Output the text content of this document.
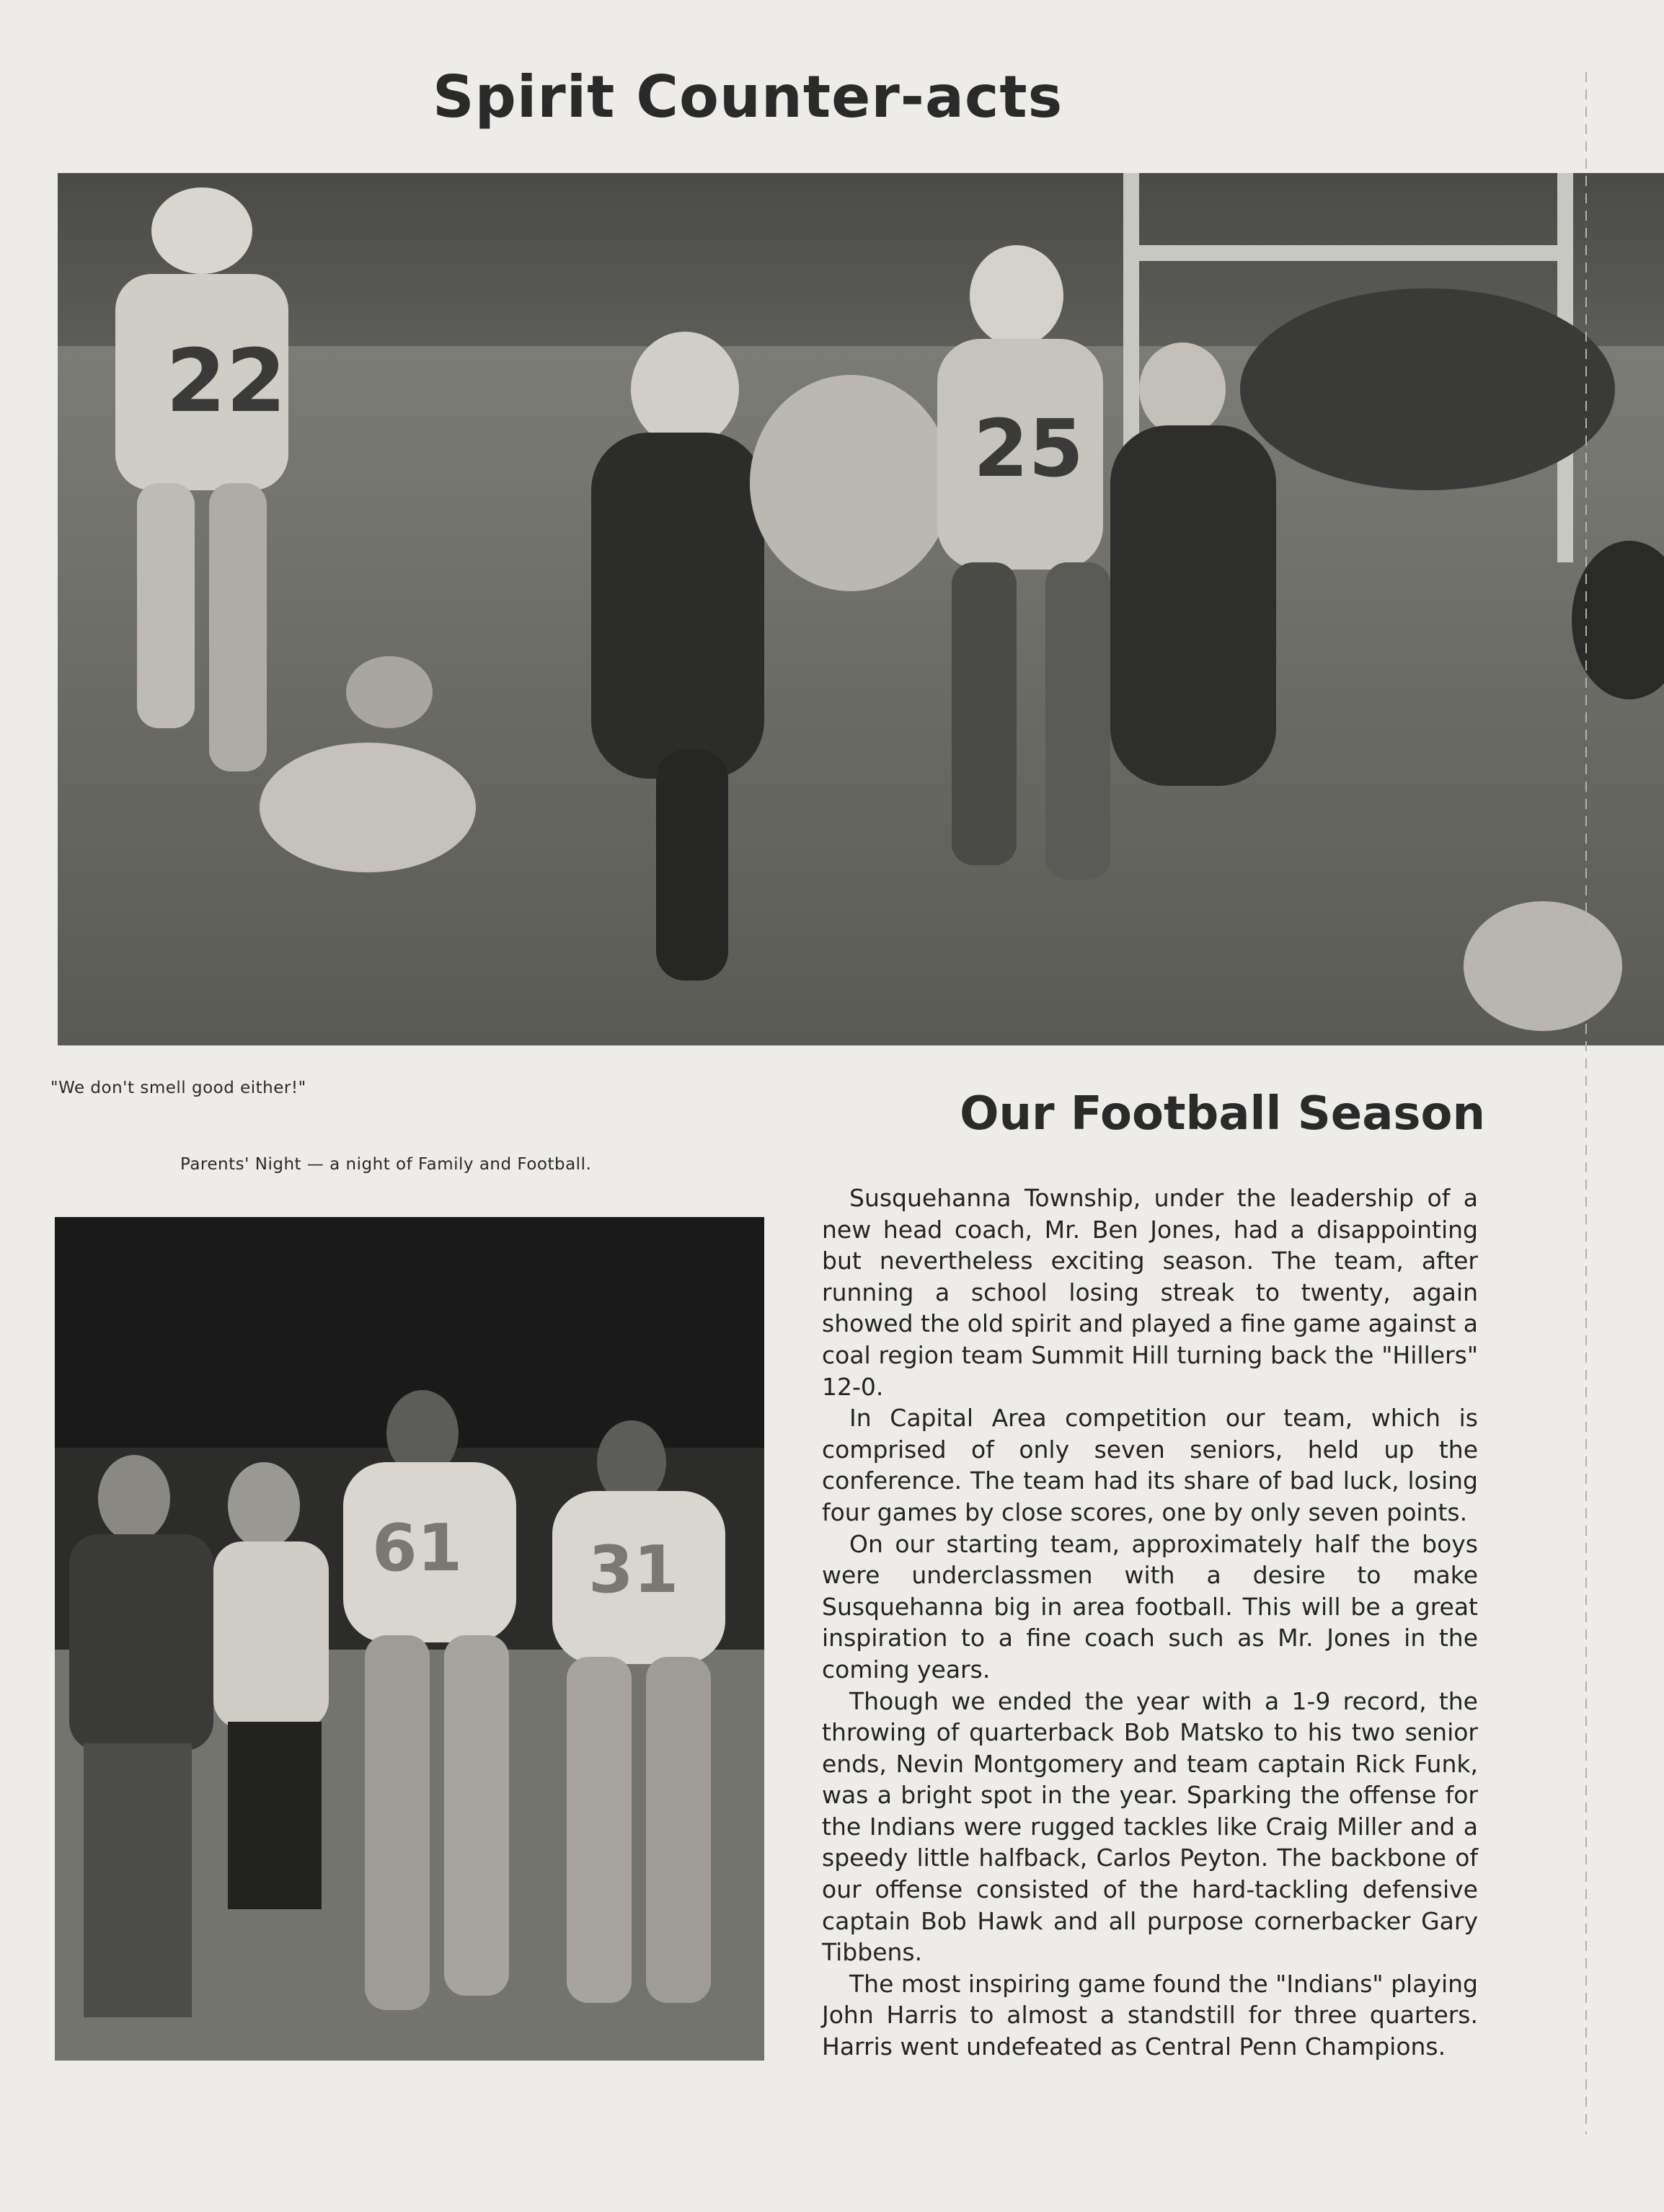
Spirit Counter-acts
22
25
"We don't smell good either!"
Parents' Night — a night of Family and Football.
61 31
Our Football Season

Susquehanna Township, under the leadership of a new head coach, Mr. Ben Jones, had a disappointing but nevertheless exciting season. The team, after running a school losing streak to twenty, again showed the old spirit and played a fine game against a coal region team Summit Hill turning back the "Hillers" 12-0.

In Capital Area competition our team, which is comprised of only seven seniors, held up the conference. The team had its share of bad luck, losing four games by close scores, one by only seven points.

On our starting team, approximately half the boys were underclassmen with a desire to make Susquehanna big in area football. This will be a great inspiration to a fine coach such as Mr. Jones in the coming years.

Though we ended the year with a 1-9 record, the throwing of quarterback Bob Matsko to his two senior ends, Nevin Montgomery and team captain Rick Funk, was a bright spot in the year. Sparking the offense for the Indians were rugged tackles like Craig Miller and a speedy little halfback, Carlos Peyton. The backbone of our offense consisted of the hard-tackling defensive captain Bob Hawk and all purpose cornerbacker Gary Tibbens.

The most inspiring game found the "Indians" playing John Harris to almost a standstill for three quarters. Harris went undefeated as Central Penn Champions.
